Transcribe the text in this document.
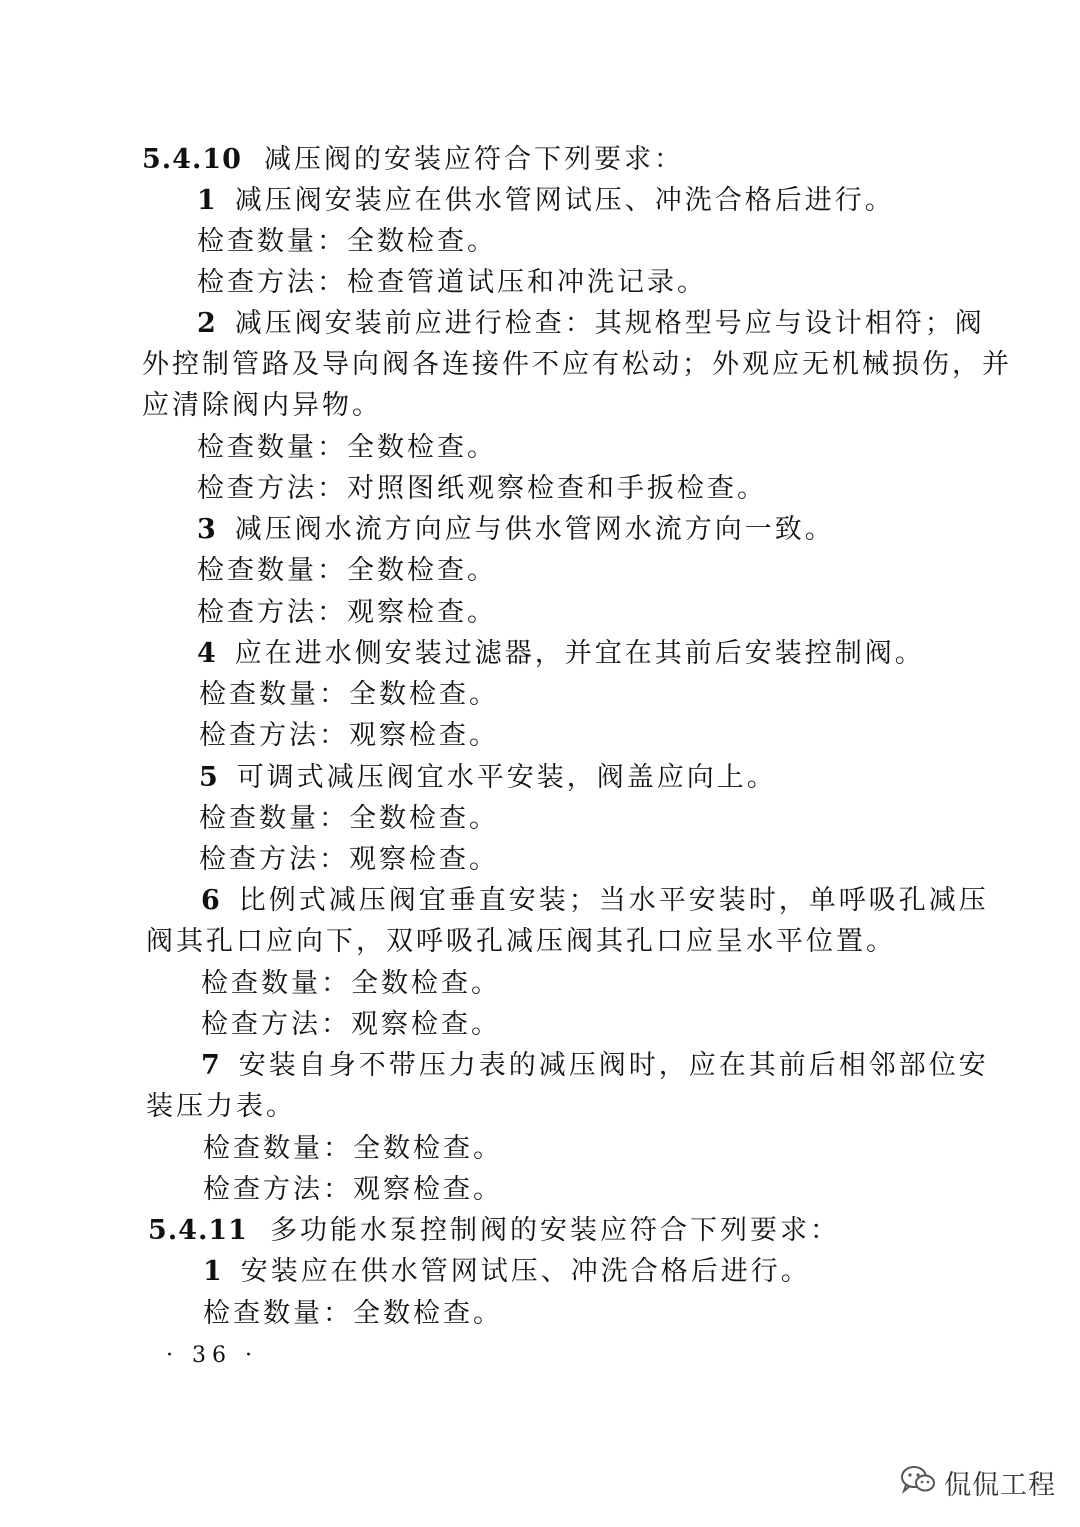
5.4.10 减压阀的安装应符合下列要求：
1 减压阀安装应在供水管网试压、冲洗合格后进行。
检查数量：全数检查。
检查方法：检查管道试压和冲洗记录。
2 减压阀安装前应进行检查：其规格型号应与设计相符；阀
外控制管路及导向阀各连接件不应有松动；外观应无机械损伤，并
应清除阀内异物。
检查数量：全数检查。
检查方法：对照图纸观察检查和手扳检查。
3 减压阀水流方向应与供水管网水流方向一致。
检查数量：全数检查。
检查方法：观察检查。
4 应在进水侧安装过滤器，并宜在其前后安装控制阀。
检查数量：全数检查。
检查方法：观察检查。
5 可调式减压阀宜水平安装，阀盖应向上。
检查数量：全数检查。
检查方法：观察检查。
6 比例式减压阀宜垂直安装；当水平安装时，单呼吸孔减压
阀其孔口应向下，双呼吸孔减压阀其孔口应呈水平位置。
检查数量：全数检查。
检查方法：观察检查。
7 安装自身不带压力表的减压阀时，应在其前后相邻部位安
装压力表。
检查数量：全数检查。
检查方法：观察检查。
5.4.11 多功能水泵控制阀的安装应符合下列要求：
1 安装应在供水管网试压、冲洗合格后进行。
检查数量：全数检查。
· 36 ·
侃侃工程
